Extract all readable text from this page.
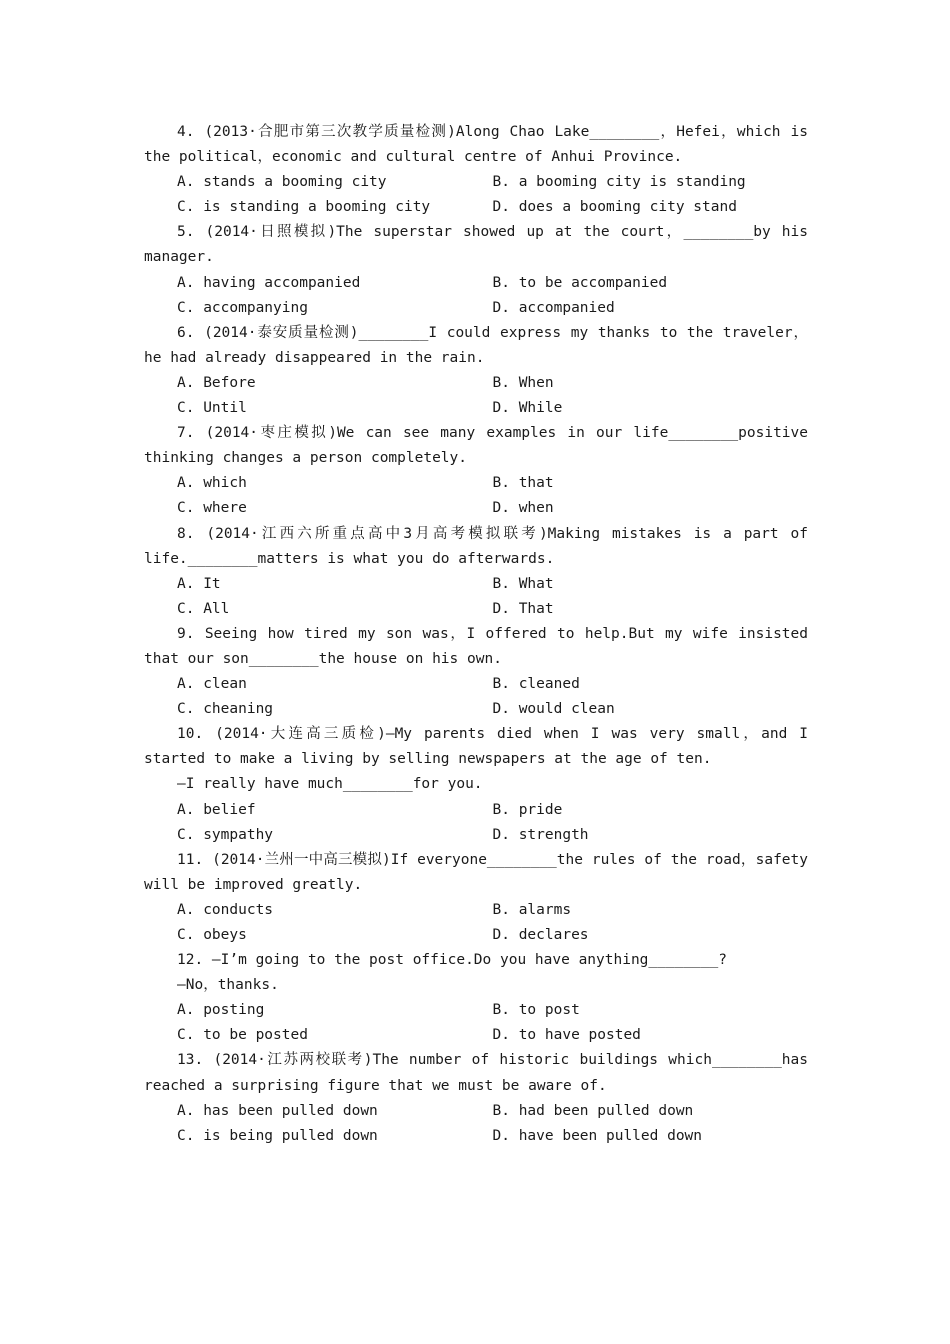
4. (2013·合肥市第三次教学质量检测)Along Chao Lake________，Hefei，which is the political，economic and cultural centre of Anhui Province.

A. stands a booming city	B. a booming city is standing
C. is standing a booming city	D. does a booming city stand

5. (2014·日照模拟)The superstar showed up at the court，________by his manager.

A. having accompanied	B. to be accompanied
C. accompanying	D. accompanied

6. (2014·泰安质量检测)________I could express my thanks to the traveler，he had already disappeared in the rain.

A. Before	B. When
C. Until	D. While

7. (2014·枣庄模拟)We can see many examples in our life________positive thinking changes a person completely.

A. which	B. that
C. where	D. when

8. (2014·江西六所重点高中3月高考模拟联考)Making mistakes is a part of life.________matters is what you do afterwards.

A. It	B. What
C. All	D. That

9. Seeing how tired my son was，I offered to help.But my wife insisted that our son________the house on his own.

A. clean	B. cleaned
C. cheaning	D. would clean

10. (2014·大连高三质检)—My parents died when I was very small，and I started to make a living by selling newspapers at the age of ten.

—I really have much________for you.

A. belief	B. pride
C. sympathy	D. strength

11. (2014·兰州一中高三模拟)If everyone________the rules of the road，safety will be improved greatly.

A. conducts	B. alarms
C. obeys	D. declares

12. —I’m going to the post office.Do you have anything________?

—No，thanks.

A. posting	B. to post
C. to be posted	D. to have posted

13. (2014·江苏两校联考)The number of historic buildings which________has reached a surprising figure that we must be aware of.

A. has been pulled down	B. had been pulled down
C. is being pulled down	D. have been pulled down
